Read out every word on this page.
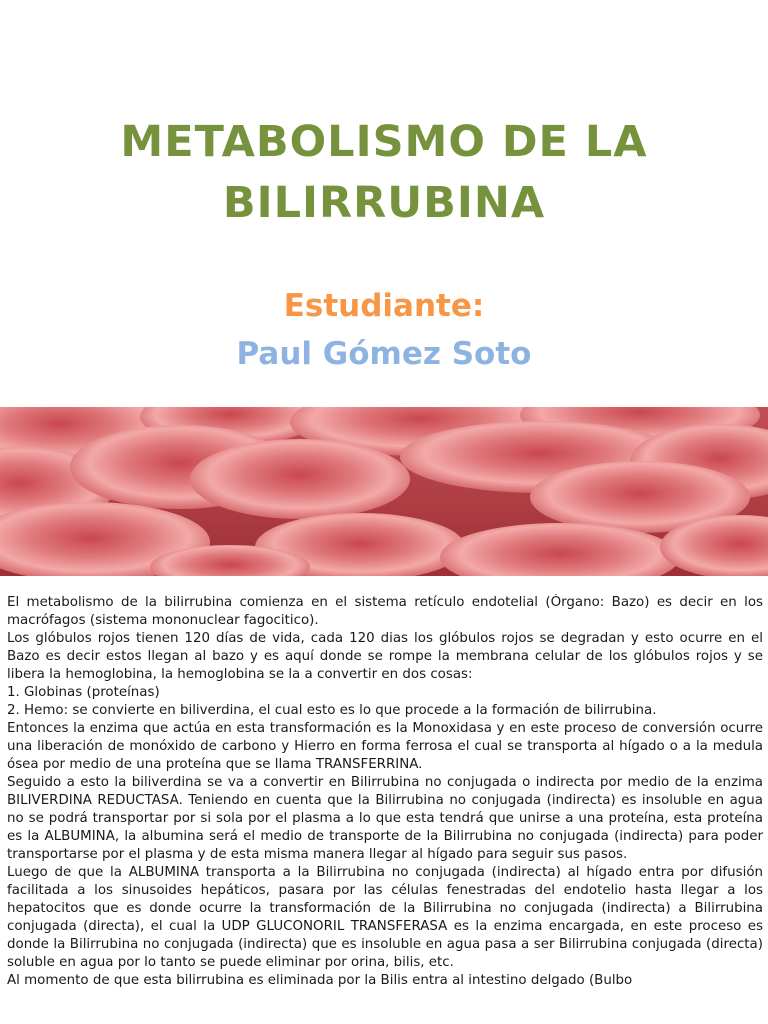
METABOLISMO DE LA
BILIRRUBINA
Estudiante:
Paul Gómez Soto

El metabolismo de la bilirrubina comienza en el sistema retículo endotelial (Órgano: Bazo) es decir en los macrófagos (sistema mononuclear fagocitico).

Los glóbulos rojos tienen 120 días de vida, cada 120 dias los glóbulos rojos se degradan y esto ocurre en el Bazo es decir estos llegan al bazo y es aquí donde se rompe la membrana celular de los glóbulos rojos y se libera la hemoglobina, la hemoglobina se la a convertir en dos cosas:

1. Globinas (proteínas)

2. Hemo: se convierte en biliverdina, el cual esto es lo que procede a la formación de bilirrubina.

Entonces la enzima que actúa en esta transformación es la Monoxidasa y en este proceso de conversión ocurre una liberación de monóxido de carbono y Hierro en forma ferrosa el cual se transporta al hígado o a la medula ósea por medio de una proteína que se llama TRANSFERRINA.

Seguido a esto la biliverdina se va a convertir en Bilirrubina no conjugada o indirecta por medio de la enzima BILIVERDINA REDUCTASA. Teniendo en cuenta que la Bilirrubina no conjugada (indirecta) es insoluble en agua no se podrá transportar por si sola por el plasma a lo que esta tendrá que unirse a una proteína, esta proteína es la ALBUMINA, la albumina será el medio de transporte de la Bilirrubina no conjugada (indirecta) para poder transportarse por el plasma y de esta misma manera llegar al hígado para seguir sus pasos.

Luego de que la ALBUMINA transporta a la Bilirrubina no conjugada (indirecta) al hígado entra por difusión facilitada a los sinusoides hepáticos, pasara por las células fenestradas del endotelio hasta llegar a los hepatocitos que es donde ocurre la transformación de la Bilirrubina no conjugada (indirecta) a Bilirrubina conjugada (directa), el cual la UDP GLUCONORIL TRANSFERASA es la enzima encargada, en este proceso es donde la Bilirrubina no conjugada (indirecta) que es insoluble en agua pasa a ser Bilirrubina conjugada (directa) soluble en agua por lo tanto se puede eliminar por orina, bilis, etc.

Al momento de que esta bilirrubina es eliminada por la Bilis entra al intestino delgado (Bulbo
